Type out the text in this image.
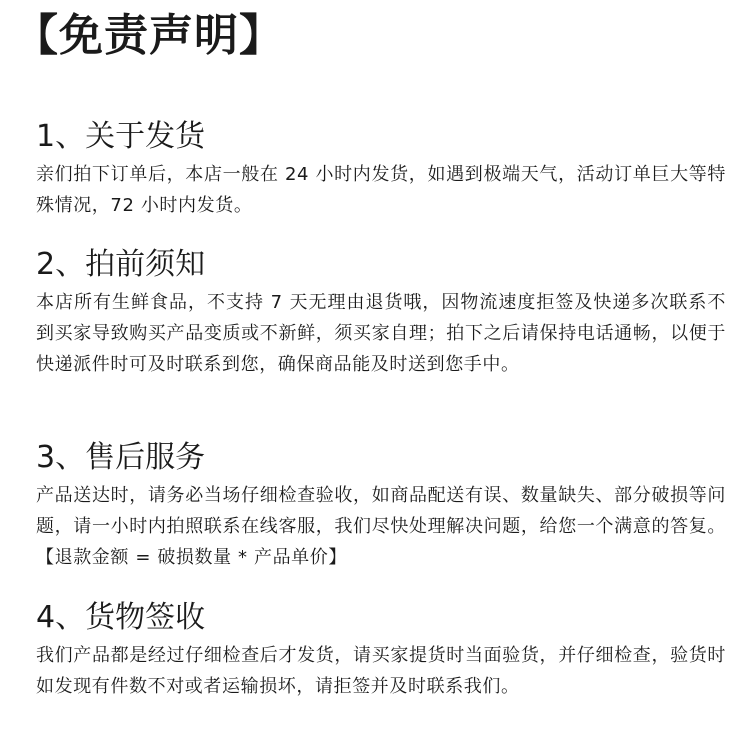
【免责声明】
1、关于发货

亲们拍下订单后，本店一般在 24 小时内发货，如遇到极端天气，活动订单巨大等特殊情况，72 小时内发货。

2、拍前须知

本店所有生鲜食品，不支持 7 天无理由退货哦，因物流速度拒签及快递多次联系不到买家导致购买产品变质或不新鲜，须买家自理；拍下之后请保持电话通畅，以便于快递派件时可及时联系到您，确保商品能及时送到您手中。

3、售后服务

产品送达时，请务必当场仔细检查验收，如商品配送有误、数量缺失、部分破损等问题，请一小时内拍照联系在线客服，我们尽快处理解决问题，给您一个满意的答复。【退款金额 = 破损数量 * 产品单价】

4、货物签收

我们产品都是经过仔细检查后才发货，请买家提货时当面验货，并仔细检查，验货时如发现有件数不对或者运输损坏，请拒签并及时联系我们。
